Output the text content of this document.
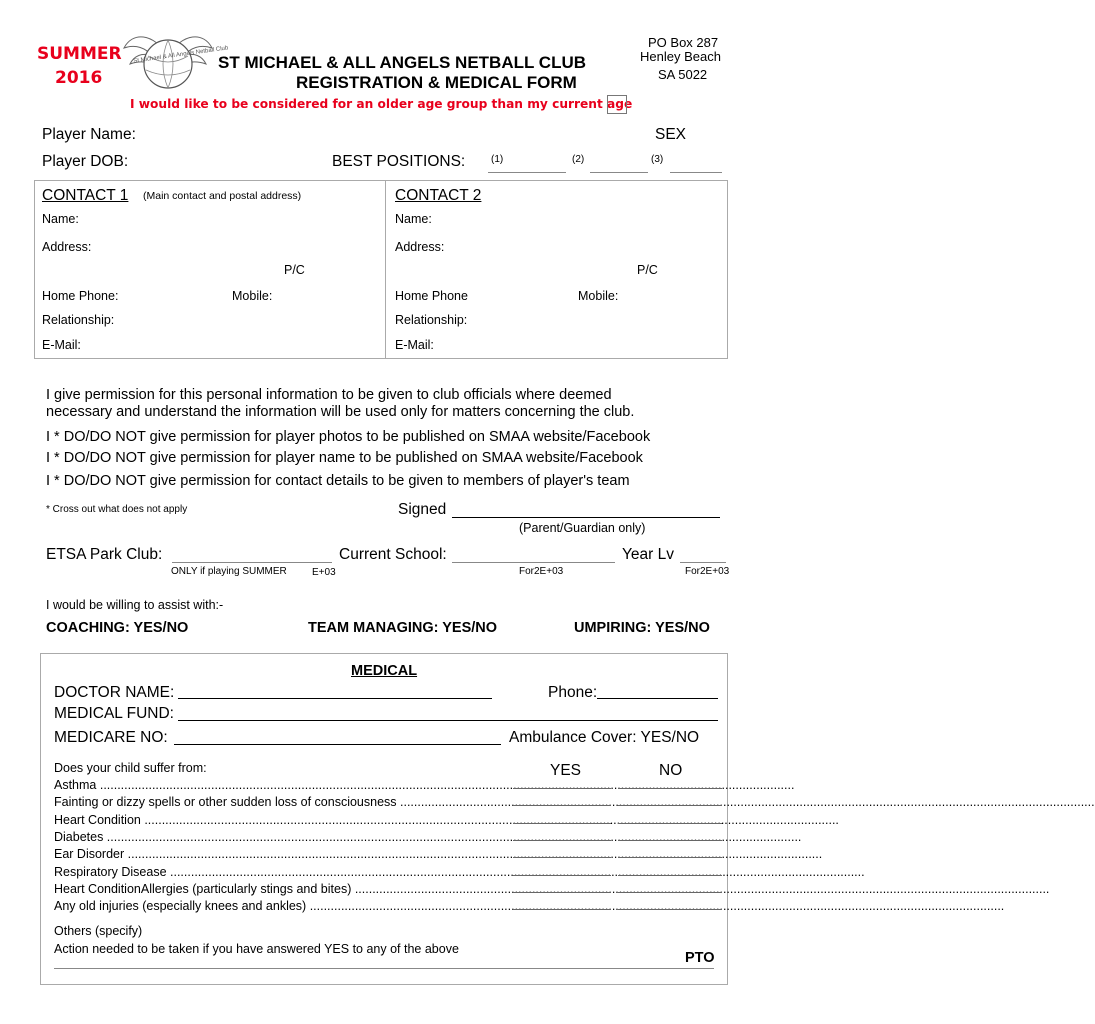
SUMMER
2016
St Michael & All Angels Netball Club
ST MICHAEL & ALL ANGELS NETBALL CLUB
REGISTRATION & MEDICAL FORM
PO Box 287
Henley Beach
SA 5022
I would like to be considered for an older age group than my current age
Player Name:	SEX
Player DOB:	BEST POSITIONS:	(1)	(2)	(3)
CONTACT 1 (Main contact and postal address)
Name:
Address:
P/C
Home Phone:	Mobile:
Relationship:
E-Mail:
CONTACT 2
Name:
Address:
P/C
Home Phone	Mobile:
Relationship:
E-Mail:
I give permission for this personal information to be given to club officials where deemed
necessary and understand the information will be used only for matters concerning the club.
I * DO/DO NOT give permission for player photos to be published on SMAA website/Facebook
I * DO/DO NOT give permission for player name to be published on SMAA website/Facebook
I * DO/DO NOT give permission for contact details to be given to members of player's team
* Cross out what does not apply	Signed
(Parent/Guardian only)
ETSA Park Club:
ONLY if playing SUMMER	E+03
Current School:
For2E+03
Year Lv
For2E+03
I would be willing to assist with:-
COACHING: YES/NO	TEAM MANAGING: YES/NO	UMPIRING: YES/NO
MEDICAL
DOCTOR NAME:	Phone:
MEDICAL FUND:
MEDICARE NO:	Ambulance Cover: YES/NO
Does your child suffer from:	YES	NO
Asthma ........................................................................................................................................................................................................
Fainting or dizzy spells or other sudden loss of consciousness ........................................................................................................................................................................................................
Heart Condition ........................................................................................................................................................................................................
Diabetes ........................................................................................................................................................................................................
Ear Disorder ........................................................................................................................................................................................................
Respiratory Disease ........................................................................................................................................................................................................
Heart ConditionAllergies (particularly stings and bites) ........................................................................................................................................................................................................
Any old injuries (especially knees and ankles) ........................................................................................................................................................................................................
Others (specify)
Action needed to be taken if you have answered YES to any of the above
PTO
